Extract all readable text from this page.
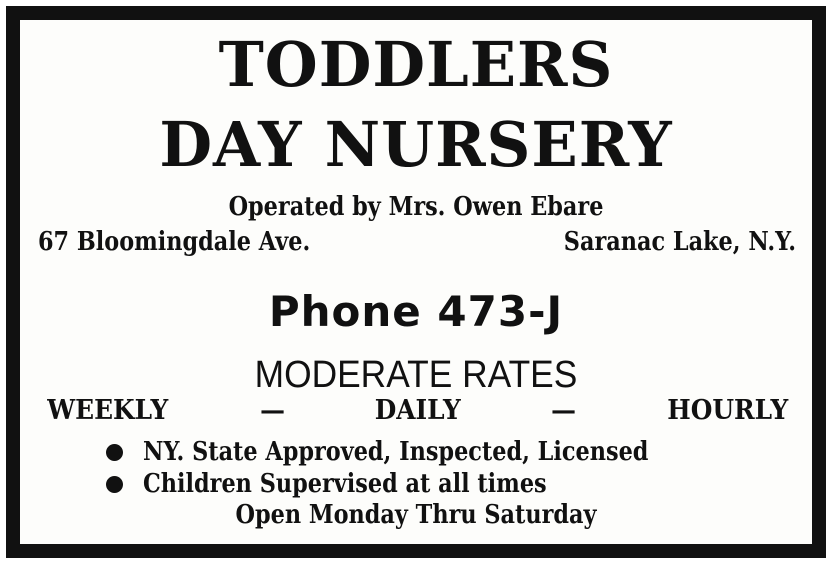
TODDLERS
DAY NURSERY
Operated by Mrs. Owen Ebare
67 Bloomingdale Ave.	Saranac Lake, N.Y.
Phone 473-J
MODERATE RATES
WEEKLY	—	DAILY	—	HOURLY
NY. State Approved, Inspected, Licensed
Children Supervised at all times
Open Monday Thru Saturday
